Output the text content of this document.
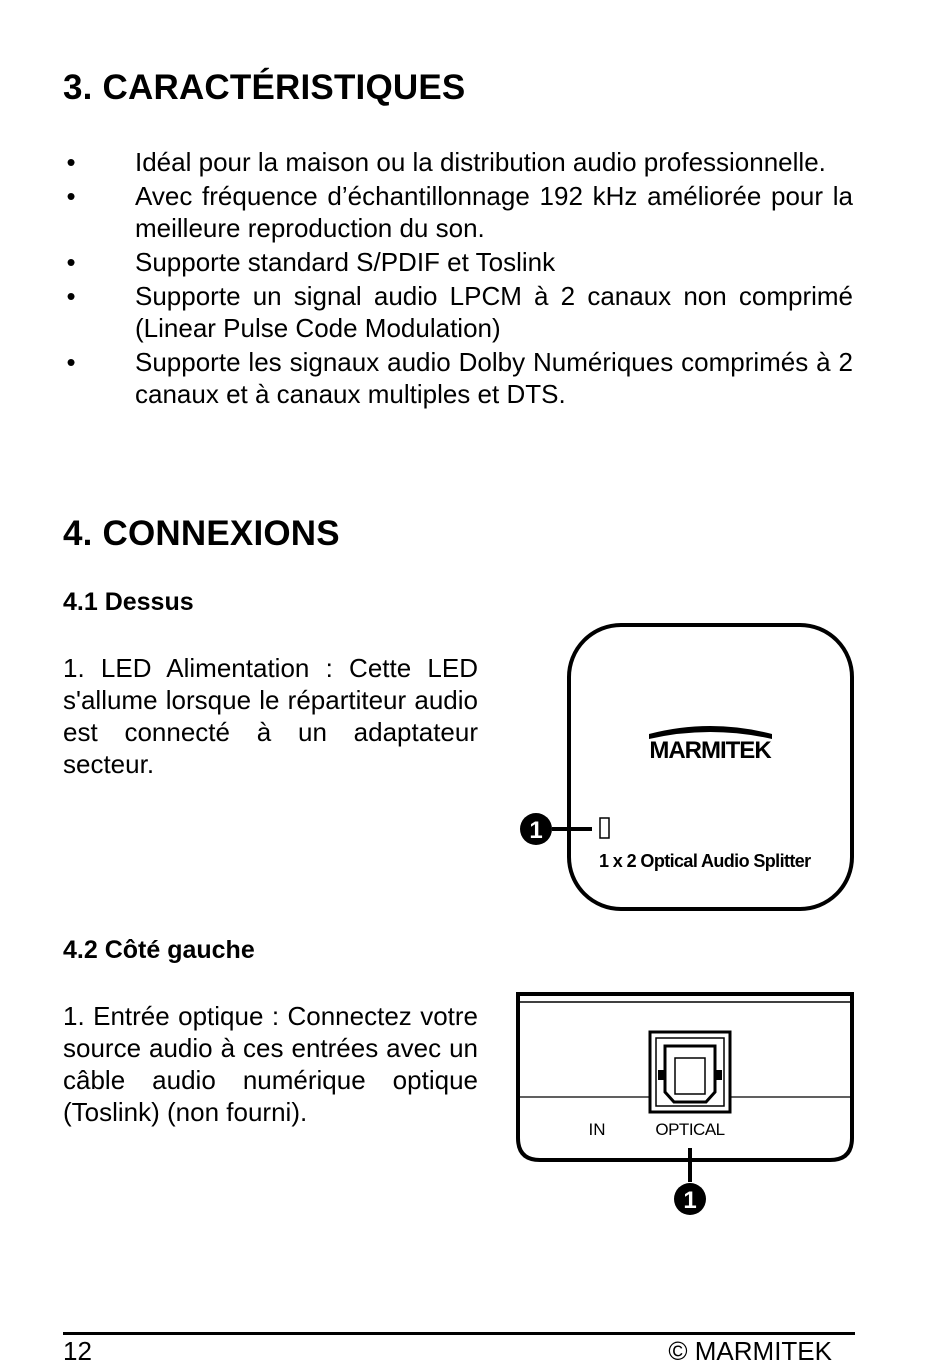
3. CARACTÉRISTIQUES
• Idéal pour la maison ou la distribution audio professionnelle.
• Avec fréquence d’échantillonnage 192 kHz améliorée pour la meilleure reproduction du son.
• Supporte standard S/PDIF et Toslink
• Supporte un signal audio LPCM à 2 canaux non comprimé (Linear Pulse Code Modulation)
• Supporte les signaux audio Dolby Numériques comprimés à 2 canaux et à canaux multiples et DTS.
4. CONNEXIONS
4.1 Dessus

1. LED Alimentation : Cette LED s'allume lorsque le répartiteur audio est connecté à un adaptateur secteur.	MARMITEK
1
1 x 2 Optical Audio Splitter
4.2 Côté gauche

1. Entrée optique : Connectez votre source audio à ces entrées avec un câble audio numérique optique (Toslink) (non fourni).

IN	OPTICAL
1
12	© MARMITEK
